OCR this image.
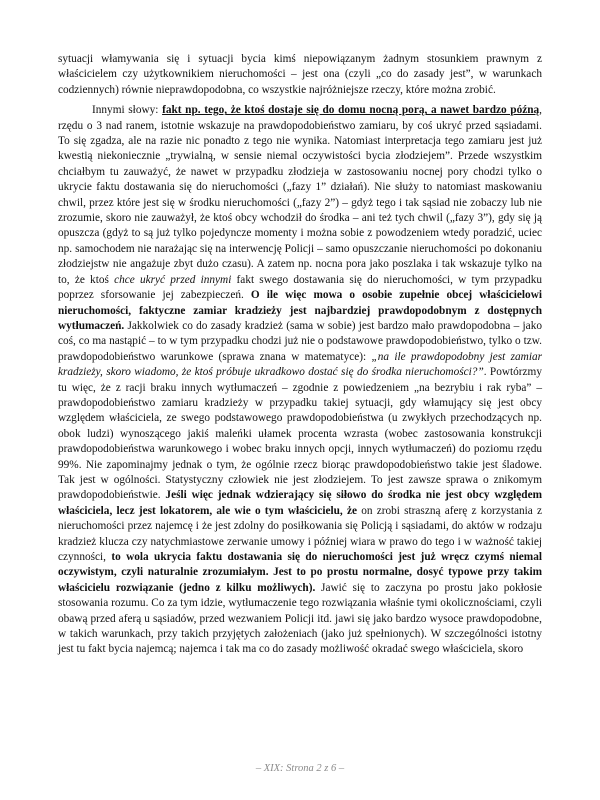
sytuacji włamywania się i sytuacji bycia kimś niepowiązanym żadnym stosunkiem prawnym z właścicielem czy użytkownikiem nieruchomości – jest ona (czyli „co do zasady jest”, w warunkach codziennych) równie nieprawdopodobna, co wszystkie najróżniejsze rzeczy, które można zrobić.

Innymi słowy: fakt np. tego, że ktoś dostaje się do domu nocną porą, a nawet bardzo późną, rzędu o 3 nad ranem, istotnie wskazuje na prawdopodobieństwo zamiaru, by coś ukryć przed sąsiadami. To się zgadza, ale na razie nic ponadto z tego nie wynika. Natomiast interpretacja tego zamiaru jest już kwestią niekoniecznie „trywialną, w sensie niemal oczywistości bycia złodziejem”. Przede wszystkim chciałbym tu zauważyć, że nawet w przypadku złodzieja w zastosowaniu nocnej pory chodzi tylko o ukrycie faktu dostawania się do nieruchomości („fazy 1” działań). Nie służy to natomiast maskowaniu chwil, przez które jest się w środku nieruchomości („fazy 2”) – gdyż tego i tak sąsiad nie zobaczy lub nie zrozumie, skoro nie zauważył, że ktoś obcy wchodził do środka – ani też tych chwil („fazy 3”), gdy się ją opuszcza (gdyż to są już tylko pojedyncze momenty i można sobie z powodzeniem wtedy poradzić, uciec np. samochodem nie narażając się na interwencję Policji – samo opuszczanie nieruchomości po dokonaniu złodziejstw nie angażuje zbyt dużo czasu). A zatem np. nocna pora jako poszlaka i tak wskazuje tylko na to, że ktoś chce ukryć przed innymi fakt swego dostawania się do nieruchomości, w tym przypadku poprzez sforsowanie jej zabezpieczeń. O ile więc mowa o osobie zupełnie obcej właścicielowi nieruchomości, faktyczne zamiar kradzieży jest najbardziej prawdopodobnym z dostępnych wytłumaczeń. Jakkolwiek co do zasady kradzież (sama w sobie) jest bardzo mało prawdopodobna – jako coś, co ma nastąpić – to w tym przypadku chodzi już nie o podstawowe prawdopodobieństwo, tylko o tzw. prawdopodobieństwo warunkowe (sprawa znana w matematyce): „na ile prawdopodobny jest zamiar kradzieży, skoro wiadomo, że ktoś próbuje ukradkowo dostać się do środka nieruchomości?”. Powtórzmy tu więc, że z racji braku innych wytłumaczeń – zgodnie z powiedzeniem „na bezrybiu i rak ryba” – prawdopodobieństwo zamiaru kradzieży w przypadku takiej sytuacji, gdy włamujący się jest obcy względem właściciela, ze swego podstawowego prawdopodobieństwa (u zwykłych przechodzących np. obok ludzi) wynoszącego jakiś maleńki ułamek procenta wzrasta (wobec zastosowania konstrukcji prawdopodobieństwa warunkowego i wobec braku innych opcji, innych wytłumaczeń) do poziomu rzędu 99%. Nie zapominajmy jednak o tym, że ogólnie rzecz biorąc prawdopodobieństwo takie jest śladowe. Tak jest w ogólności. Statystyczny człowiek nie jest złodziejem. To jest zawsze sprawa o znikomym prawdopodobieństwie. Jeśli więc jednak wdzierający się siłowo do środka nie jest obcy względem właściciela, lecz jest lokatorem, ale wie o tym właścicielu, że on zrobi straszną aferę z korzystania z nieruchomości przez najemcę i że jest zdolny do posiłkowania się Policją i sąsiadami, do aktów w rodzaju kradzież klucza czy natychmiastowe zerwanie umowy i później wiara w prawo do tego i w ważność takiej czynności, to wola ukrycia faktu dostawania się do nieruchomości jest już wręcz czymś niemal oczywistym, czyli naturalnie zrozumiałym. Jest to po prostu normalne, dosyć typowe przy takim właścicielu rozwiązanie (jedno z kilku możliwych). Jawić się to zaczyna po prostu jako pokłosie stosowania rozumu. Co za tym idzie, wytłumaczenie tego rozwiązania właśnie tymi okolicznościami, czyli obawą przed aferą u sąsiadów, przed wezwaniem Policji itd. jawi się jako bardzo wysoce prawdopodobne, w takich warunkach, przy takich przyjętych założeniach (jako już spełnionych). W szczególności istotny jest tu fakt bycia najemcą; najemca i tak ma co do zasady możliwość okradać swego właściciela, skoro

– XIX: Strona 2 z 6 –
